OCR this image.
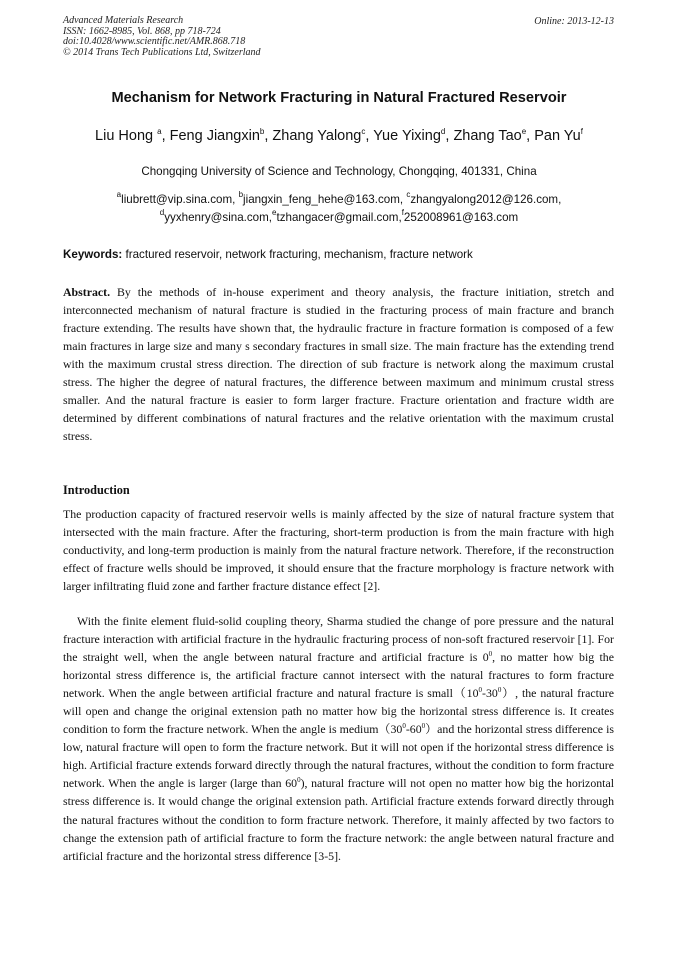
Advanced Materials Research
ISSN: 1662-8985, Vol. 868, pp 718-724
doi:10.4028/www.scientific.net/AMR.868.718
© 2014 Trans Tech Publications Ltd, Switzerland
Online: 2013-12-13
Mechanism for Network Fracturing in Natural Fractured Reservoir
Liu Hong $^a$, Feng Jiangxin$^b$, Zhang Yalong$^c$, Yue Yixing$^d$, Zhang Tao$^e$, Pan Yu$^f$
Chongqing University of Science and Technology, Chongqing, 401331, China
$^a$liubrett@vip.sina.com, $^b$jiangxin_feng_hehe@163.com, $^c$zhangyalong2012@126.com,
$^d$yyxhenry@sina.com,$^e$tzhangacer@gmail.com,$^f$252008961@163.com
Keywords: fractured reservoir, network fracturing, mechanism, fracture network
Abstract. By the methods of in-house experiment and theory analysis, the fracture initiation, stretch and interconnected mechanism of natural fracture is studied in the fracturing process of main fracture and branch fracture extending. The results have shown that, the hydraulic fracture in fracture formation is composed of a few main fractures in large size and many s secondary fractures in small size. The main fracture has the extending trend with the maximum crustal stress direction. The direction of sub fracture is network along the maximum crustal stress. The higher the degree of natural fractures, the difference between maximum and minimum crustal stress smaller. And the natural fracture is easier to form larger fracture. Fracture orientation and fracture width are determined by different combinations of natural fractures and the relative orientation with the maximum crustal stress.
Introduction
The production capacity of fractured reservoir wells is mainly affected by the size of natural fracture system that intersected with the main fracture. After the fracturing, short-term production is from the main fracture with high conductivity, and long-term production is mainly from the natural fracture network. Therefore, if the reconstruction effect of fracture wells should be improved, it should ensure that the fracture morphology is fracture network with larger infiltrating fluid zone and farther fracture distance effect [2].
With the finite element fluid-solid coupling theory, Sharma studied the change of pore pressure and the natural fracture interaction with artificial fracture in the hydraulic fracturing process of non-soft fractured reservoir [1]. For the straight well, when the angle between natural fracture and artificial fracture is $0^0$, no matter how big the horizontal stress difference is, the artificial fracture cannot intersect with the natural fractures to form fracture network. When the angle between artificial fracture and natural fracture is $small(10^0-30^0)$, the natural fracture will open and change the original extension path no matter how big the horizontal stress difference is. It creates condition to form the fracture network. When the angle is $medium(30^0-60^0)and$ the horizontal stress difference is low, natural fracture will open to form the fracture network. But it will not open if the horizontal stress difference is high. Artificial fracture extends forward directly through the natural fractures, without the condition to form fracture network. When the angle is larger (large than $60^0$), natural fracture will not open no matter how big the horizontal stress difference is. It would change the original extension path. Artificial fracture extends forward directly through the natural fractures without the condition to form fracture network. Therefore, it mainly affected by two factors to change the extension path of artificial fracture to form the fracture network: the angle between natural fracture and artificial fracture and the horizontal stress difference [3-5].
